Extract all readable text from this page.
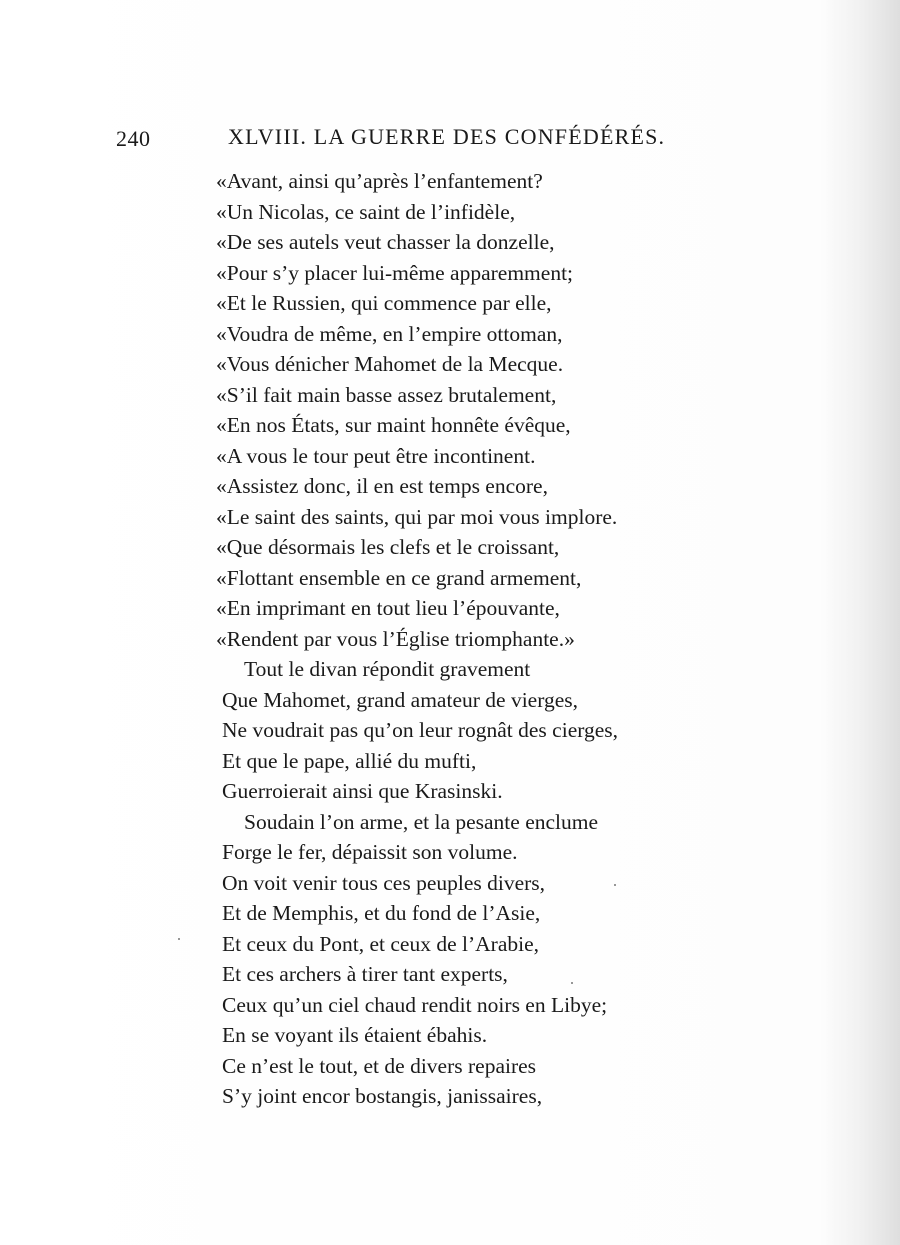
240	XLVIII. LA GUERRE DES CONFÉDÉRÉS.
«Avant, ainsi qu’après l’enfantement?
«Un Nicolas, ce saint de l’infidèle,
«De ses autels veut chasser la donzelle,
«Pour s’y placer lui-même apparemment;
«Et le Russien, qui commence par elle,
«Voudra de même, en l’empire ottoman,
«Vous dénicher Mahomet de la Mecque.
«S’il fait main basse assez brutalement,
«En nos États, sur maint honnête évêque,
«A vous le tour peut être incontinent.
«Assistez donc, il en est temps encore,
«Le saint des saints, qui par moi vous implore.
«Que désormais les clefs et le croissant,
«Flottant ensemble en ce grand armement,
«En imprimant en tout lieu l’épouvante,
«Rendent par vous l’Église triomphante.»
Tout le divan répondit gravement
Que Mahomet, grand amateur de vierges,
Ne voudrait pas qu’on leur rognât des cierges,
Et que le pape, allié du mufti,
Guerroierait ainsi que Krasinski.
Soudain l’on arme, et la pesante enclume
Forge le fer, dépaissit son volume.
On voit venir tous ces peuples divers,
Et de Memphis, et du fond de l’Asie,
Et ceux du Pont, et ceux de l’Arabie,
Et ces archers à tirer tant experts,
Ceux qu’un ciel chaud rendit noirs en Libye;
En se voyant ils étaient ébahis.
Ce n’est le tout, et de divers repaires
S’y joint encor bostangis, janissaires,
